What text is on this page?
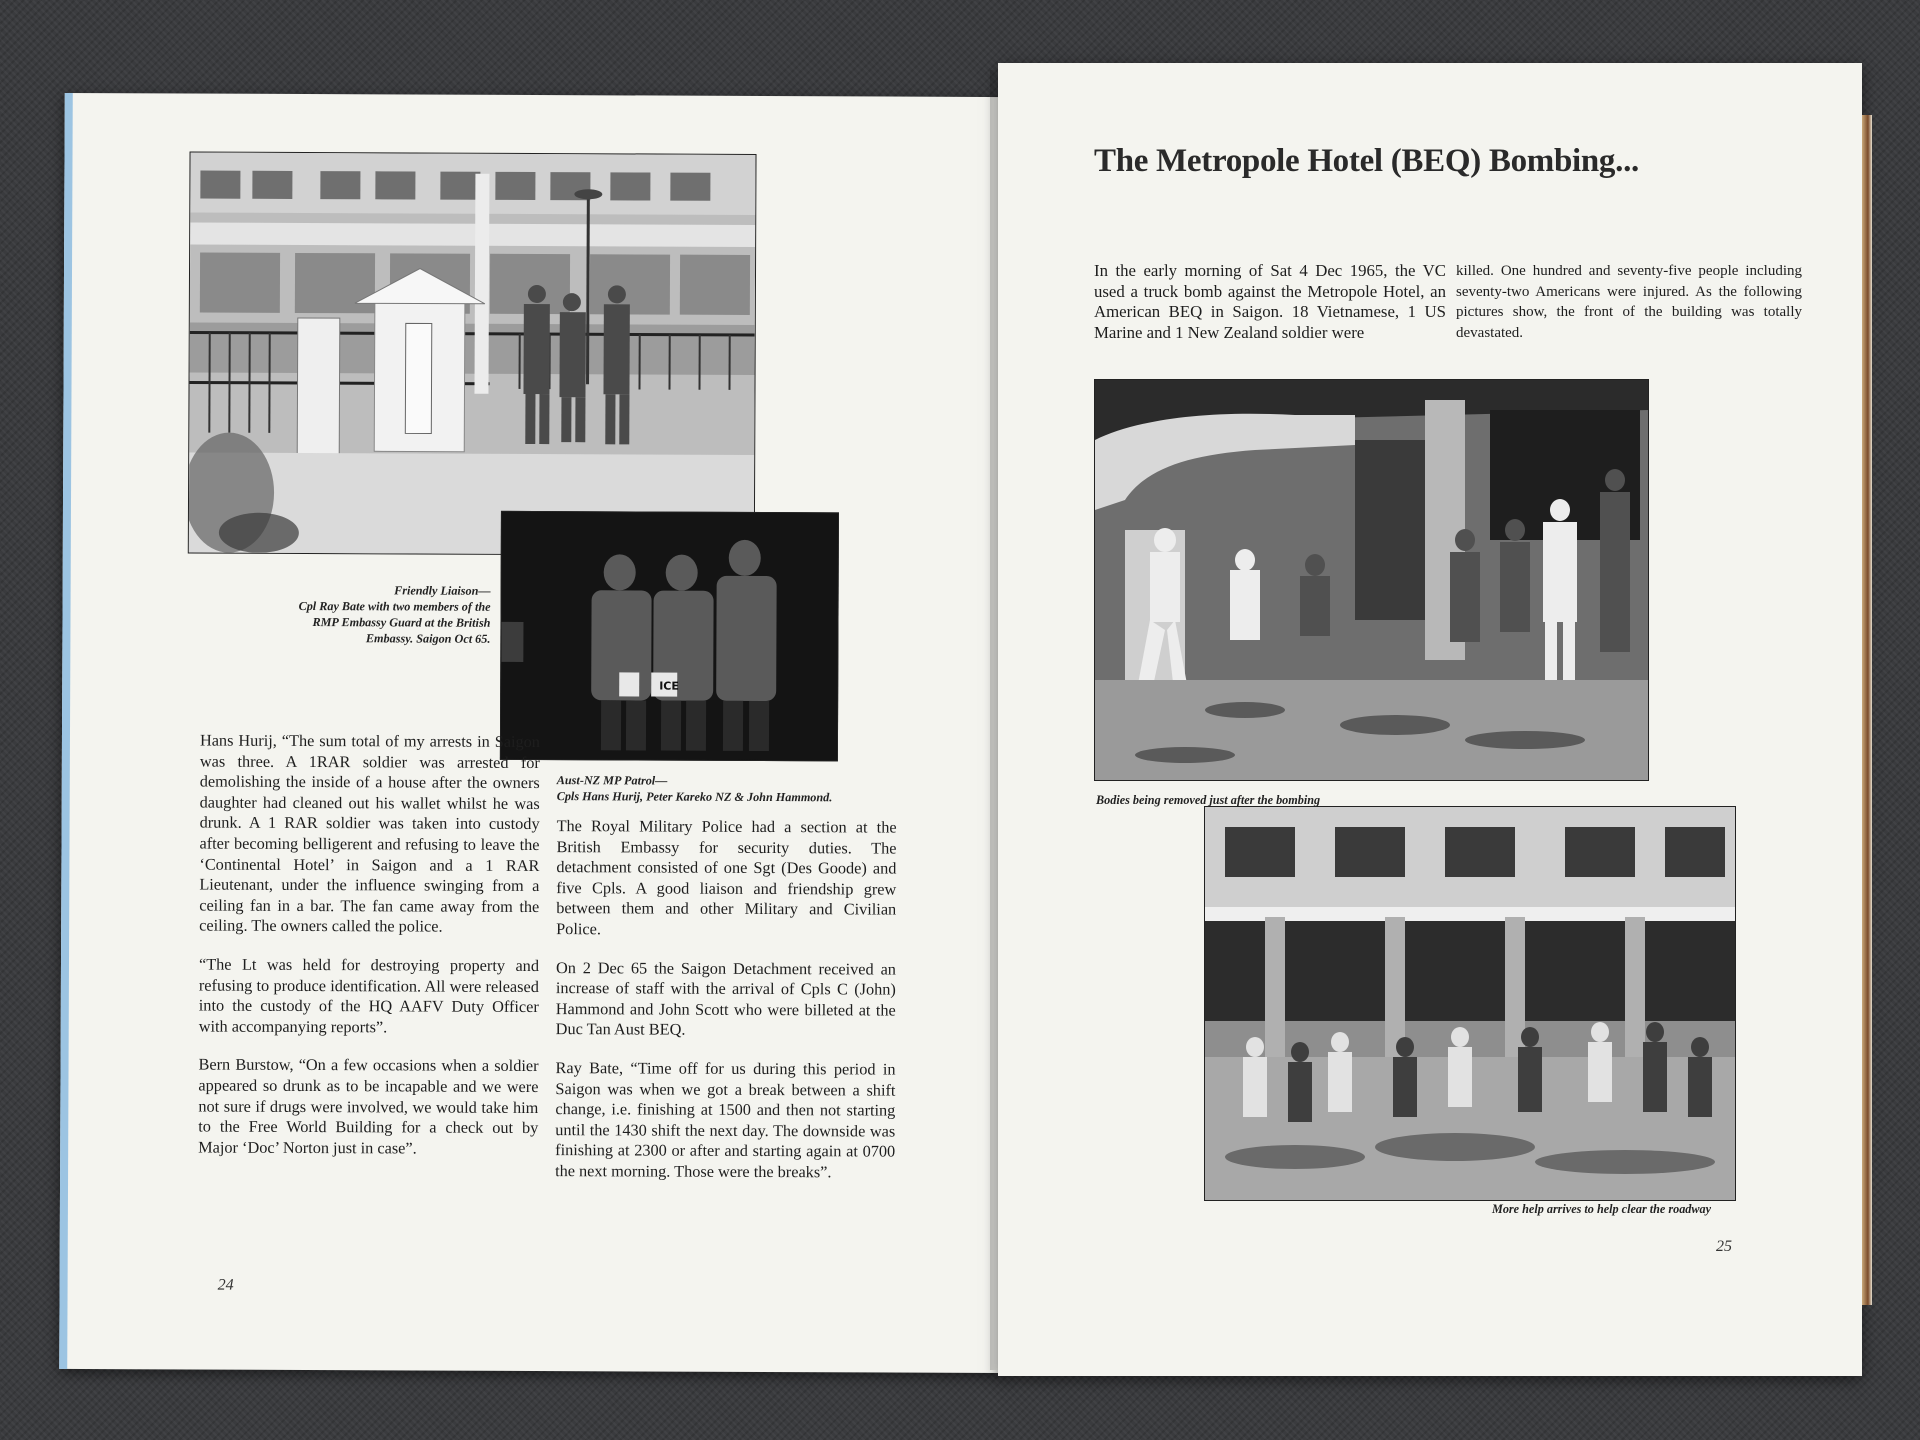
ICE
Friendly Liaison—
Cpl Ray Bate with two members of the
RMP Embassy Guard at the British
Embassy. Saigon Oct 65.
Aust-NZ MP Patrol—
Cpls Hans Hurij, Peter Kareko NZ & John Hammond.

Hans Hurij, “The sum total of my arrests in Saigon was three. A 1RAR soldier was arrested for demolishing the inside of a house after the owners daughter had cleaned out his wallet whilst he was drunk. A 1 RAR soldier was taken into custody after becoming belligerent and refusing to leave the ‘Continental Hotel’ in Saigon and a 1 RAR Lieutenant, under the influence swinging from a ceiling fan in a bar. The fan came away from the ceiling. The owners called the police.

“The Lt was held for destroying property and refusing to produce identification. All were released into the custody of the HQ AAFV Duty Officer with accompanying reports”.

Bern Burstow, “On a few occasions when a soldier appeared so drunk as to be incapable and we were not sure if drugs were involved, we would take him to the Free World Building for a check out by Major ‘Doc’ Norton just in case”.

The Royal Military Police had a section at the British Embassy for security duties. The detachment consisted of one Sgt (Des Goode) and five Cpls. A good liaison and friendship grew between them and other Military and Civilian Police.

On 2 Dec 65 the Saigon Detachment received an increase of staff with the arrival of Cpls C (John) Hammond and John Scott who were billeted at the Duc Tan Aust BEQ.

Ray Bate, “Time off for us during this period in Saigon was when we got a break between a shift change, i.e. finishing at 1500 and then not starting until the 1430 shift the next day. The downside was finishing at 2300 or after and starting again at 0700 the next morning. Those were the breaks”.

24
The Metropole Hotel (BEQ) Bombing...
In the early morning of Sat 4 Dec 1965, the VC used a truck bomb against the Metropole Hotel, an American BEQ in Saigon. 18 Vietnamese, 1 US Marine and 1 New Zealand soldier were
killed. One hundred and seventy-five people including seventy-two Americans were injured. As the following pictures show, the front of the building was totally devastated.
Bodies being removed just after the bombing
More help arrives to help clear the roadway
25
